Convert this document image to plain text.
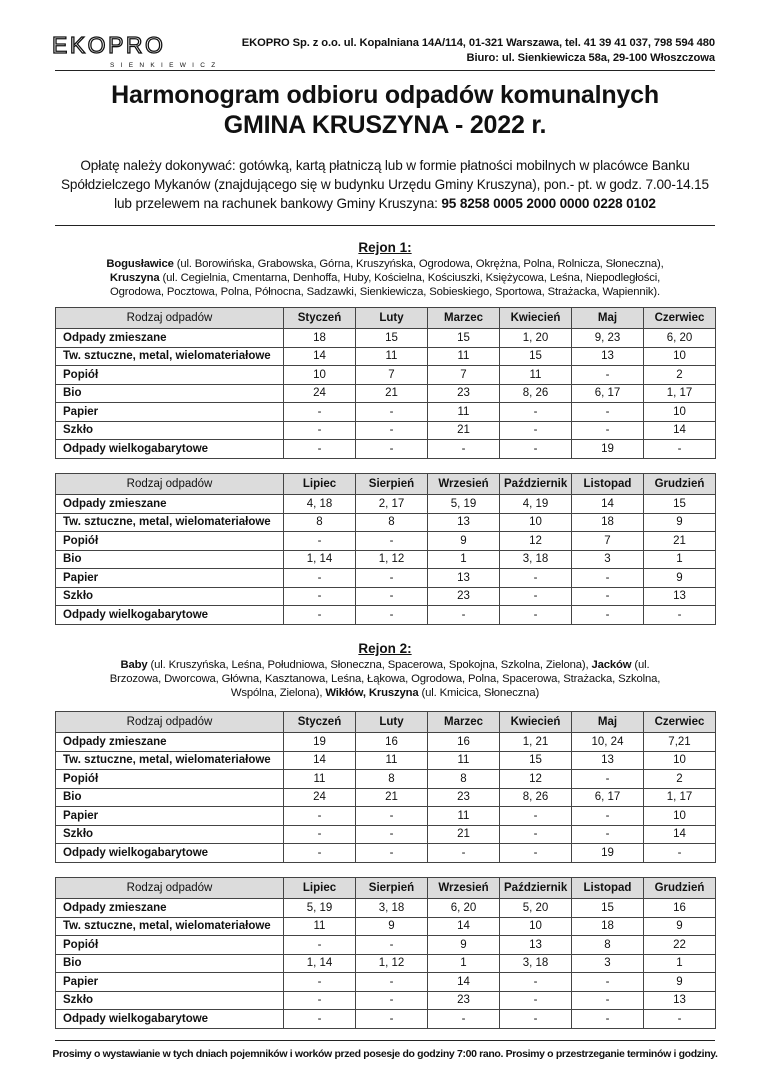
EKOPRO
SIENKIEWICZ
EKOPRO Sp. z o.o. ul. Kopalniana 14A/114, 01-321 Warszawa, tel. 41 39 41 037, 798 594 480
Biuro: ul. Sienkiewicza 58a, 29-100 Włoszczowa
Harmonogram odbioru odpadów komunalnych
GMINA KRUSZYNA - 2022 r.
Opłatę należy dokonywać: gotówką, kartą płatniczą lub w formie płatności mobilnych w placówce Banku Spółdzielczego Mykanów (znajdującego się w budynku Urzędu Gminy Kruszyna), pon.- pt. w godz. 7.00-14.15 lub przelewem na rachunek bankowy Gminy Kruszyna: 95 8258 0005 2000 0000 0228 0102
Rejon 1:
Bogusławice (ul. Borowińska, Grabowska, Górna, Kruszyńska, Ogrodowa, Okrężna, Polna, Rolnicza, Słoneczna), Kruszyna (ul. Cegielnia, Cmentarna, Denhoffa, Huby, Kościelna, Kościuszki, Księżycowa, Leśna, Niepodległości, Ogrodowa, Pocztowa, Polna, Północna, Sadzawki, Sienkiewicza, Sobieskiego, Sportowa, Strażacka, Wapiennik).
Rodzaj odpadów	Styczeń	Luty	Marzec	Kwiecień	Maj	Czerwiec
Odpady zmieszane	18	15	15	1, 20	9, 23	6, 20
Tw. sztuczne, metal, wielomateriałowe	14	11	11	15	13	10
Popiół	10	7	7	11	-	2
Bio	24	21	23	8, 26	6, 17	1, 17
Papier	-	-	11	-	-	10
Szkło	-	-	21	-	-	14
Odpady wielkogabarytowe	-	-	-	-	19	-
Rodzaj odpadów	Lipiec	Sierpień	Wrzesień	Październik	Listopad	Grudzień
Odpady zmieszane	4, 18	2, 17	5, 19	4, 19	14	15
Tw. sztuczne, metal, wielomateriałowe	8	8	13	10	18	9
Popiół	-	-	9	12	7	21
Bio	1, 14	1, 12	1	3, 18	3	1
Papier	-	-	13	-	-	9
Szkło	-	-	23	-	-	13
Odpady wielkogabarytowe	-	-	-	-	-	-
Rejon 2:
Baby (ul. Kruszyńska, Leśna, Południowa, Słoneczna, Spacerowa, Spokojna, Szkolna, Zielona), Jacków (ul. Brzozowa, Dworcowa, Główna, Kasztanowa, Leśna, Łąkowa, Ogrodowa, Polna, Spacerowa, Strażacka, Szkolna, Wspólna, Zielona), Wikłów, Kruszyna (ul. Kmicica, Słoneczna)
Rodzaj odpadów	Styczeń	Luty	Marzec	Kwiecień	Maj	Czerwiec
Odpady zmieszane	19	16	16	1, 21	10, 24	7,21
Tw. sztuczne, metal, wielomateriałowe	14	11	11	15	13	10
Popiół	11	8	8	12	-	2
Bio	24	21	23	8, 26	6, 17	1, 17
Papier	-	-	11	-	-	10
Szkło	-	-	21	-	-	14
Odpady wielkogabarytowe	-	-	-	-	19	-
Rodzaj odpadów	Lipiec	Sierpień	Wrzesień	Październik	Listopad	Grudzień
Odpady zmieszane	5, 19	3, 18	6, 20	5, 20	15	16
Tw. sztuczne, metal, wielomateriałowe	11	9	14	10	18	9
Popiół	-	-	9	13	8	22
Bio	1, 14	1, 12	1	3, 18	3	1
Papier	-	-	14	-	-	9
Szkło	-	-	23	-	-	13
Odpady wielkogabarytowe	-	-	-	-	-	-
Prosimy o wystawianie w tych dniach pojemników i worków przed posesje do godziny 7:00 rano. Prosimy o przestrzeganie terminów i godziny.
